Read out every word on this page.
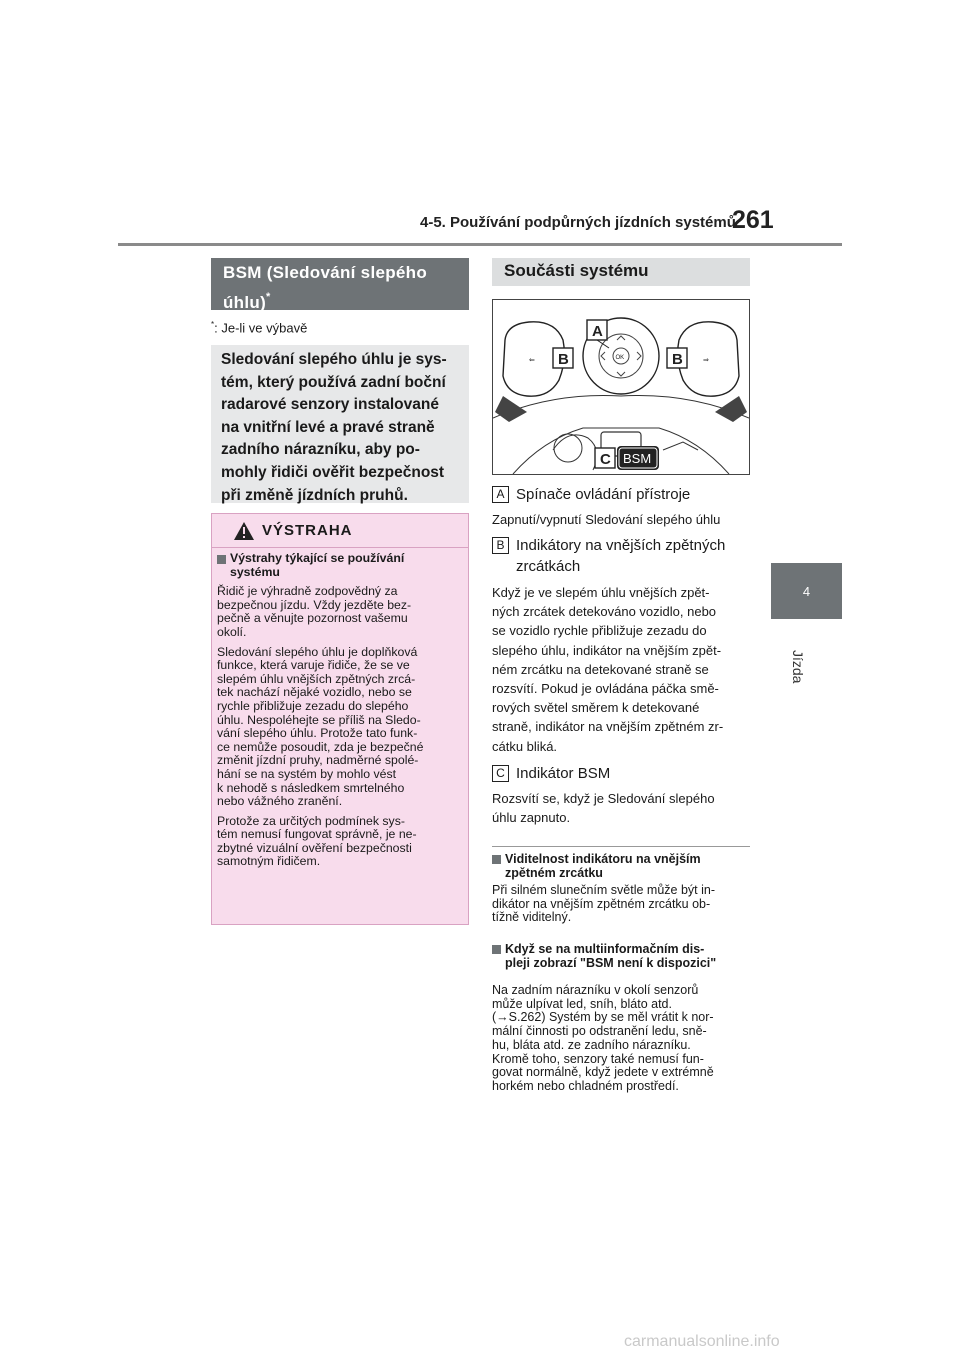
4-5. Používání podpůrných jízdních systémů
261
4
Jízda
BSM (Sledování slepého úhlu)*
*: Je-li ve výbavě
Sledování slepého úhlu je sys-
tém, který používá zadní boční
radarové senzory instalované
na vnitřní levé a pravé straně
zadního nárazníku, aby po-
mohly řidiči ověřit bezpečnost
při změně jízdních pruhů.
VÝSTRAHA
Výstrahy týkající se používání
systému

Řidič je výhradně zodpovědný za
bezpečnou jízdu. Vždy jezděte bez-
pečně a věnujte pozornost vašemu
okolí.

Sledování slepého úhlu je doplňková
funkce, která varuje řidiče, že se ve
slepém úhlu vnějších zpětných zrcá-
tek nachází nějaké vozidlo, nebo se
rychle přibližuje zezadu do slepého
úhlu. Nespoléhejte se příliš na Sledo-
vání slepého úhlu. Protože tato funk-
ce nemůže posoudit, zda je bezpečné
změnit jízdní pruhy, nadměrné spolé-
hání se na systém by mohlo vést
k nehodě s následkem smrtelného
nebo vážného zranění.

Protože za určitých podmínek sys-
tém nemusí fungovat správně, je ne-
zbytné vizuální ověření bezpečnosti
samotným řidičem.

Součásti systému
⇐	⇒
OK
A
B	B
C BSM
A Spínače ovládání přístroje
Zapnutí/vypnutí Sledování slepého úhlu
B Indikátory na vnějších zpětných
zrcátkách
Když je ve slepém úhlu vnějších zpět-
ných zrcátek detekováno vozidlo, nebo
se vozidlo rychle přibližuje zezadu do
slepého úhlu, indikátor na vnějším zpět-
ném zrcátku na detekované straně se
rozsvítí. Pokud je ovládána páčka smě-
rových světel směrem k detekované
straně, indikátor na vnějším zpětném zr-
cátku bliká.
C Indikátor BSM
Rozsvítí se, když je Sledování slepého
úhlu zapnuto.
Viditelnost indikátoru na vnějším
zpětném zrcátku
Při silném slunečním světle může být in-
dikátor na vnějším zpětném zrcátku ob-
tížně viditelný.
Když se na multiinformačním dis-
pleji zobrazí "BSM není k dispozici"
Na zadním nárazníku v okolí senzorů
může ulpívat led, sníh, bláto atd.
(→S.262) Systém by se měl vrátit k nor-
mální činnosti po odstranění ledu, sně-
hu, bláta atd. ze zadního nárazníku.
Kromě toho, senzory také nemusí fun-
govat normálně, když jedete v extrémně
horkém nebo chladném prostředí.
carmanualsonline.info
